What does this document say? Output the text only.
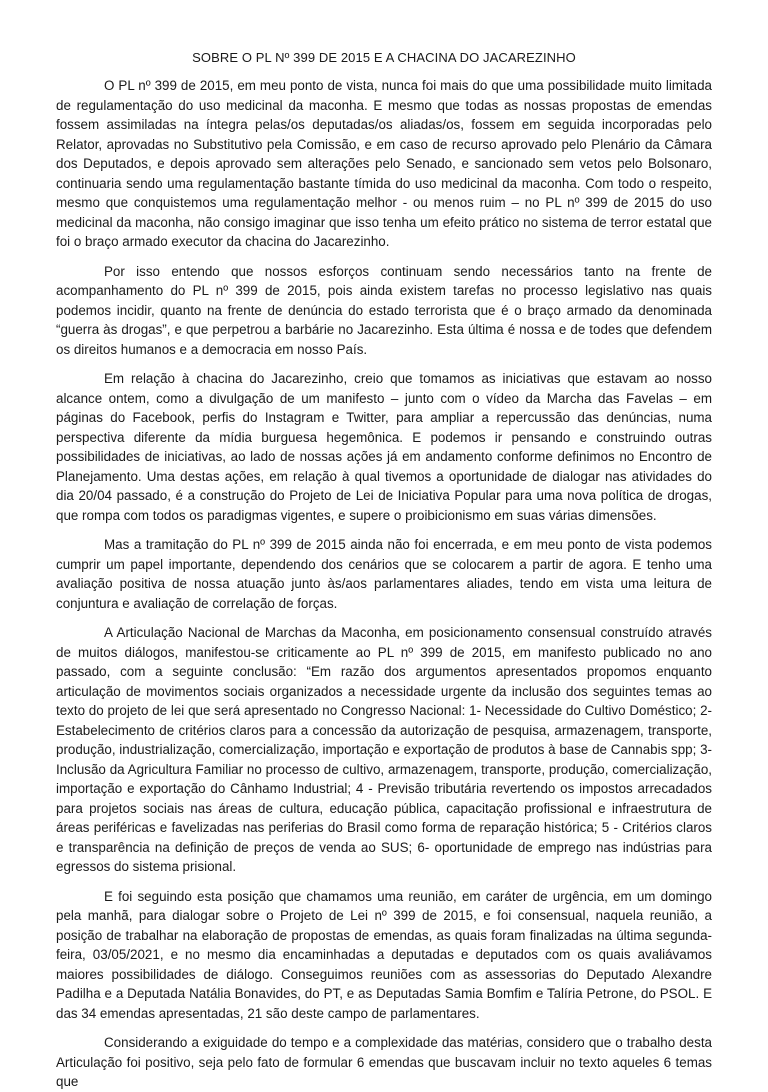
SOBRE O PL Nº 399 DE 2015 E A CHACINA DO JACAREZINHO

O PL nº 399 de 2015, em meu ponto de vista, nunca foi mais do que uma possibilidade muito limitada de regulamentação do uso medicinal da maconha. E mesmo que todas as nossas propostas de emendas fossem assimiladas na íntegra pelas/os deputadas/os aliadas/os, fossem em seguida incorporadas pelo Relator, aprovadas no Substitutivo pela Comissão, e em caso de recurso aprovado pelo Plenário da Câmara dos Deputados, e depois aprovado sem alterações pelo Senado, e sancionado sem vetos pelo Bolsonaro, continuaria sendo uma regulamentação bastante tímida do uso medicinal da maconha. Com todo o respeito, mesmo que conquistemos uma regulamentação melhor - ou menos ruim – no PL nº 399 de 2015 do uso medicinal da maconha, não consigo imaginar que isso tenha um efeito prático no sistema de terror estatal que foi o braço armado executor da chacina do Jacarezinho.

Por isso entendo que nossos esforços continuam sendo necessários tanto na frente de acompanhamento do PL nº 399 de 2015, pois ainda existem tarefas no processo legislativo nas quais podemos incidir, quanto na frente de denúncia do estado terrorista que é o braço armado da denominada “guerra às drogas”, e que perpetrou a barbárie no Jacarezinho. Esta última é nossa e de todes que defendem os direitos humanos e a democracia em nosso País.

Em relação à chacina do Jacarezinho, creio que tomamos as iniciativas que estavam ao nosso alcance ontem, como a divulgação de um manifesto – junto com o vídeo da Marcha das Favelas – em páginas do Facebook, perfis do Instagram e Twitter, para ampliar a repercussão das denúncias, numa perspectiva diferente da mídia burguesa hegemônica. E podemos ir pensando e construindo outras possibilidades de iniciativas, ao lado de nossas ações já em andamento conforme definimos no Encontro de Planejamento. Uma destas ações, em relação à qual tivemos a oportunidade de dialogar nas atividades do dia 20/04 passado, é a construção do Projeto de Lei de Iniciativa Popular para uma nova política de drogas, que rompa com todos os paradigmas vigentes, e supere o proibicionismo em suas várias dimensões.

Mas a tramitação do PL nº 399 de 2015 ainda não foi encerrada, e em meu ponto de vista podemos cumprir um papel importante, dependendo dos cenários que se colocarem a partir de agora. E tenho uma avaliação positiva de nossa atuação junto às/aos parlamentares aliades, tendo em vista uma leitura de conjuntura e avaliação de correlação de forças.

A Articulação Nacional de Marchas da Maconha, em posicionamento consensual construído através de muitos diálogos, manifestou-se criticamente ao PL nº 399 de 2015, em manifesto publicado no ano passado, com a seguinte conclusão: “Em razão dos argumentos apresentados propomos enquanto articulação de movimentos sociais organizados a necessidade urgente da inclusão dos seguintes temas ao texto do projeto de lei que será apresentado no Congresso Nacional: 1- Necessidade do Cultivo Doméstico; 2- Estabelecimento de critérios claros para a concessão da autorização de pesquisa, armazenagem, transporte, produção, industrialização, comercialização, importação e exportação de produtos à base de Cannabis spp; 3- Inclusão da Agricultura Familiar no processo de cultivo, armazenagem, transporte, produção, comercialização, importação e exportação do Cânhamo Industrial; 4 - Previsão tributária revertendo os impostos arrecadados para projetos sociais nas áreas de cultura, educação pública, capacitação profissional e infraestrutura de áreas periféricas e favelizadas nas periferias do Brasil como forma de reparação histórica; 5 - Critérios claros e transparência na definição de preços de venda ao SUS; 6- oportunidade de emprego nas indústrias para egressos do sistema prisional.

E foi seguindo esta posição que chamamos uma reunião, em caráter de urgência, em um domingo pela manhã, para dialogar sobre o Projeto de Lei nº 399 de 2015, e foi consensual, naquela reunião, a posição de trabalhar na elaboração de propostas de emendas, as quais foram finalizadas na última segunda-feira, 03/05/2021, e no mesmo dia encaminhadas a deputadas e deputados com os quais avaliávamos maiores possibilidades de diálogo. Conseguimos reuniões com as assessorias do Deputado Alexandre Padilha e a Deputada Natália Bonavides, do PT, e as Deputadas Samia Bomfim e Talíria Petrone, do PSOL. E das 34 emendas apresentadas, 21 são deste campo de parlamentares.

Considerando a exiguidade do tempo e a complexidade das matérias, considero que o trabalho desta Articulação foi positivo, seja pelo fato de formular 6 emendas que buscavam incluir no texto aqueles 6 temas que
